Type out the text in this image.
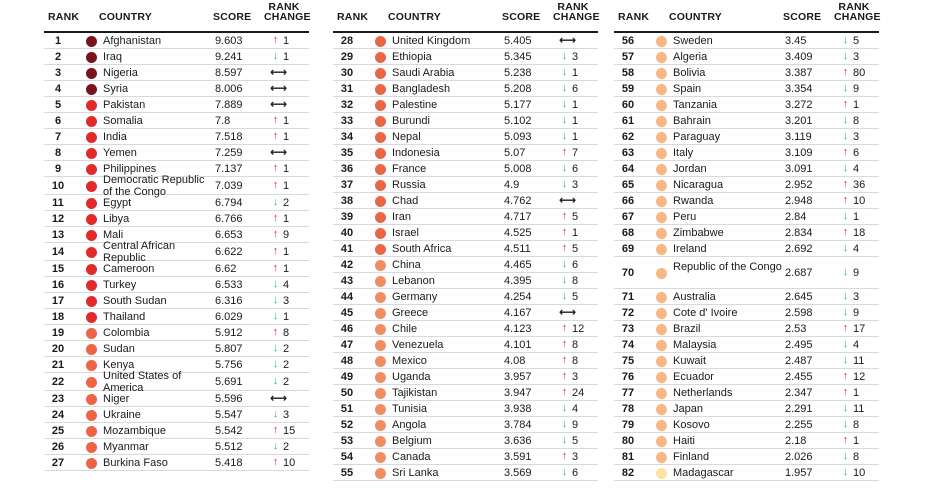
RANK COUNTRY	SCORE
RANK
CHANGE
1	Afghanistan	9.603	↑ 1
2	Iraq	9.241	↓ 1
3	Nigeria	8.597 ⟷
4	Syria	8.006 ⟷
5	Pakistan	7.889 ⟷
6	Somalia	7.8	↑ 1
7	India	7.518	↑ 1
8	Yemen	7.259 ⟷
9	Philippines	7.137	↑ 1
10	Democratic Republic of the Congo	7.039	↑ 1
11	Egypt	6.794	↓ 2
12	Libya	6.766	↑ 1
13	Mali	6.653	↑ 9
14	Central African Republic	6.622	↑ 1
15	Cameroon	6.62	↑ 1
16	Turkey	6.533	↓ 4
17	South Sudan	6.316	↓ 3
18	Thailand	6.029	↓ 1
19	Colombia	5.912	↑ 8
20	Sudan	5.807	↓ 2
21	Kenya	5.756	↓ 2
22	United States of America	5.691	↓ 2
23	Niger	5.596 ⟷
24	Ukraine	5.547	↓ 3
25	Mozambique	5.542	↑ 15
26	Myanmar	5.512	↓ 2
27	Burkina Faso	5.418	↑ 10
RANK COUNTRY	SCORE
RANK
CHANGE
28	United Kingdom	5.405 ⟷
29	Ethiopia	5.345	↓ 3
30	Saudi Arabia	5.238	↓ 1
31	Bangladesh	5.208	↓ 6
32	Palestine	5.177	↓ 1
33	Burundi	5.102	↓ 1
34	Nepal	5.093	↓ 1
35	Indonesia	5.07	↑ 7
36	France	5.008	↓ 6
37	Russia	4.9	↓ 3
38	Chad	4.762 ⟷
39	Iran	4.717	↑ 5
40	Israel	4.525	↑ 1
41	South Africa	4.511	↑ 5
42	China	4.465	↓ 6
43	Lebanon	4.395	↓ 8
44	Germany	4.254	↓ 5
45	Greece	4.167 ⟷
46	Chile	4.123	↑ 12
47	Venezuela	4.101	↑ 8
48	Mexico	4.08	↑ 8
49	Uganda	3.957	↑ 3
50	Tajikistan	3.947	↑ 24
51	Tunisia	3.938	↓ 4
52	Angola	3.784	↓ 9
53	Belgium	3.636	↓ 5
54	Canada	3.591	↑ 3
55	Sri Lanka	3.569	↓ 6
RANK COUNTRY	SCORE
RANK
CHANGE
56	Sweden	3.45	↓ 5
57	Algeria	3.409	↓ 3
58	Bolivia	3.387	↑ 80
59	Spain	3.354	↓ 9
60	Tanzania	3.272	↑ 1
61	Bahrain	3.201	↓ 8
62	Paraguay	3.119	↓ 3
63	Italy	3.109	↑ 6
64	Jordan	3.091	↓ 4
65	Nicaragua	2.952	↑ 36
66	Rwanda	2.948	↑ 10
67	Peru	2.84	↓ 1
68	Zimbabwe	2.834	↑ 18
69	Ireland	2.692	↓ 4
70	Republic of the Congo 2.687	↓ 9
71	Australia	2.645	↓ 3
72	Cote d' Ivoire	2.598	↓ 9
73	Brazil	2.53	↑ 17
74	Malaysia	2.495	↓ 4
75	Kuwait	2.487	↓ 11
76	Ecuador	2.455	↑ 12
77	Netherlands	2.347	↑ 1
78	Japan	2.291	↓ 11
79	Kosovo	2.255	↓ 8
80	Haiti	2.18	↑ 1
81	Finland	2.026	↓ 8
82	Madagascar	1.957	↓ 10
